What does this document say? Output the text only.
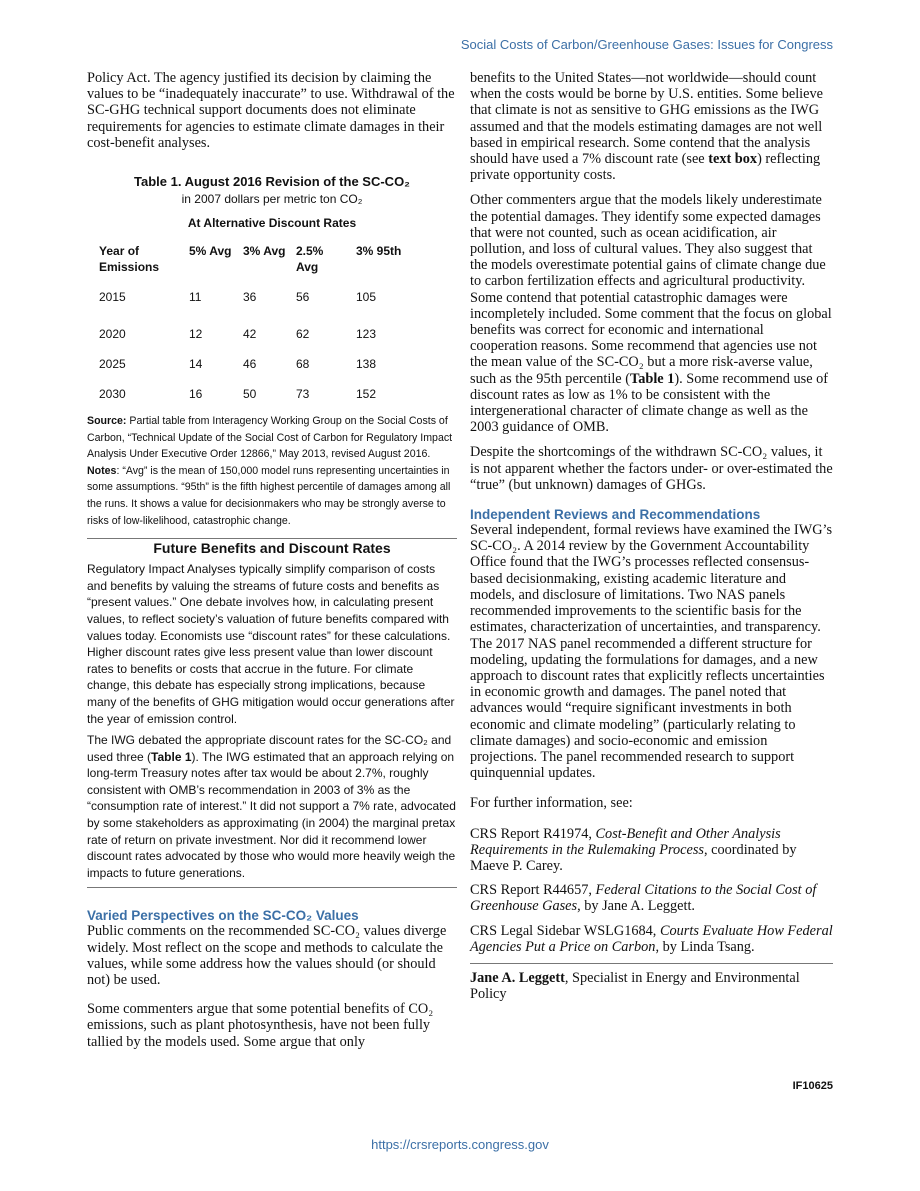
Social Costs of Carbon/Greenhouse Gases: Issues for Congress

Policy Act. The agency justified its decision by claiming the values to be “inadequately inaccurate” to use. Withdrawal of the SC-GHG technical support documents does not eliminate requirements for agencies to estimate climate damages in their cost-benefit analyses.

Table 1. August 2016 Revision of the SC-CO₂
in 2007 dollars per metric ton CO₂
At Alternative Discount Rates
Year of Emissions	5% Avg	3% Avg	2.5% Avg	3% 95th
2015	11	36	56	105
2020	12	42	62	123
2025	14	46	68	138
2030	16	50	73	152

Source: Partial table from Interagency Working Group on the Social Costs of Carbon, “Technical Update of the Social Cost of Carbon for Regulatory Impact Analysis Under Executive Order 12866,” May 2013, revised August 2016.

Notes: “Avg” is the mean of 150,000 model runs representing uncertainties in some assumptions. “95th” is the fifth highest percentile of damages among all the runs. It shows a value for decisionmakers who may be strongly averse to risks of low-likelihood, catastrophic change.

Future Benefits and Discount Rates

Regulatory Impact Analyses typically simplify comparison of costs and benefits by valuing the streams of future costs and benefits as “present values.” One debate involves how, in calculating present values, to reflect society’s valuation of future benefits compared with values today. Economists use “discount rates” for these calculations. Higher discount rates give less present value than lower discount rates to benefits or costs that accrue in the future. For climate change, this debate has especially strong implications, because many of the benefits of GHG mitigation would occur generations after the year of emission control.

The IWG debated the appropriate discount rates for the SC-CO₂ and used three (Table 1). The IWG estimated that an approach relying on long-term Treasury notes after tax would be about 2.7%, roughly consistent with OMB’s recommendation in 2003 of 3% as the “consumption rate of interest.” It did not support a 7% rate, advocated by some stakeholders as approximating (in 2004) the marginal pretax rate of return on private investment. Nor did it recommend lower discount rates advocated by those who would more heavily weigh the impacts to future generations.

Varied Perspectives on the SC-CO₂ Values

Public comments on the recommended SC-CO₂ values diverge widely. Most reflect on the scope and methods to calculate the values, while some address how the values should (or should not) be used.

Some commenters argue that some potential benefits of CO₂ emissions, such as plant photosynthesis, have not been fully tallied by the models used. Some argue that only

benefits to the United States—not worldwide—should count when the costs would be borne by U.S. entities. Some believe that climate is not as sensitive to GHG emissions as the IWG assumed and that the models estimating damages are not well based in empirical research. Some contend that the analysis should have used a 7% discount rate (see text box) reflecting private opportunity costs.

Other commenters argue that the models likely underestimate the potential damages. They identify some expected damages that were not counted, such as ocean acidification, air pollution, and loss of cultural values. They also suggest that the models overestimate potential gains of climate change due to carbon fertilization effects and agricultural productivity. Some contend that potential catastrophic damages were incompletely included. Some comment that the focus on global benefits was correct for economic and international cooperation reasons. Some recommend that agencies use not the mean value of the SC-CO₂ but a more risk-averse value, such as the 95th percentile (Table 1). Some recommend use of discount rates as low as 1% to be consistent with the intergenerational character of climate change as well as the 2003 guidance of OMB.

Despite the shortcomings of the withdrawn SC-CO₂ values, it is not apparent whether the factors under- or over-estimated the “true” (but unknown) damages of GHGs.

Independent Reviews and Recommendations

Several independent, formal reviews have examined the IWG’s SC-CO₂. A 2014 review by the Government Accountability Office found that the IWG’s processes reflected consensus-based decisionmaking, existing academic literature and models, and disclosure of limitations. Two NAS panels recommended improvements to the scientific basis for the estimates, characterization of uncertainties, and transparency. The 2017 NAS panel recommended a different structure for modeling, updating the formulations for damages, and a new approach to discount rates that explicitly reflects uncertainties in economic growth and damages. The panel noted that advances would “require significant investments in both economic and climate modeling” (particularly relating to climate damages) and socio-economic and emission projections. The panel recommended research to support quinquennial updates.

For further information, see:

CRS Report R41974, Cost-Benefit and Other Analysis Requirements in the Rulemaking Process, coordinated by Maeve P. Carey.

CRS Report R44657, Federal Citations to the Social Cost of Greenhouse Gases, by Jane A. Leggett.

CRS Legal Sidebar WSLG1684, Courts Evaluate How Federal Agencies Put a Price on Carbon, by Linda Tsang.

Jane A. Leggett, Specialist in Energy and Environmental Policy

IF10625
https://crsreports.congress.gov
